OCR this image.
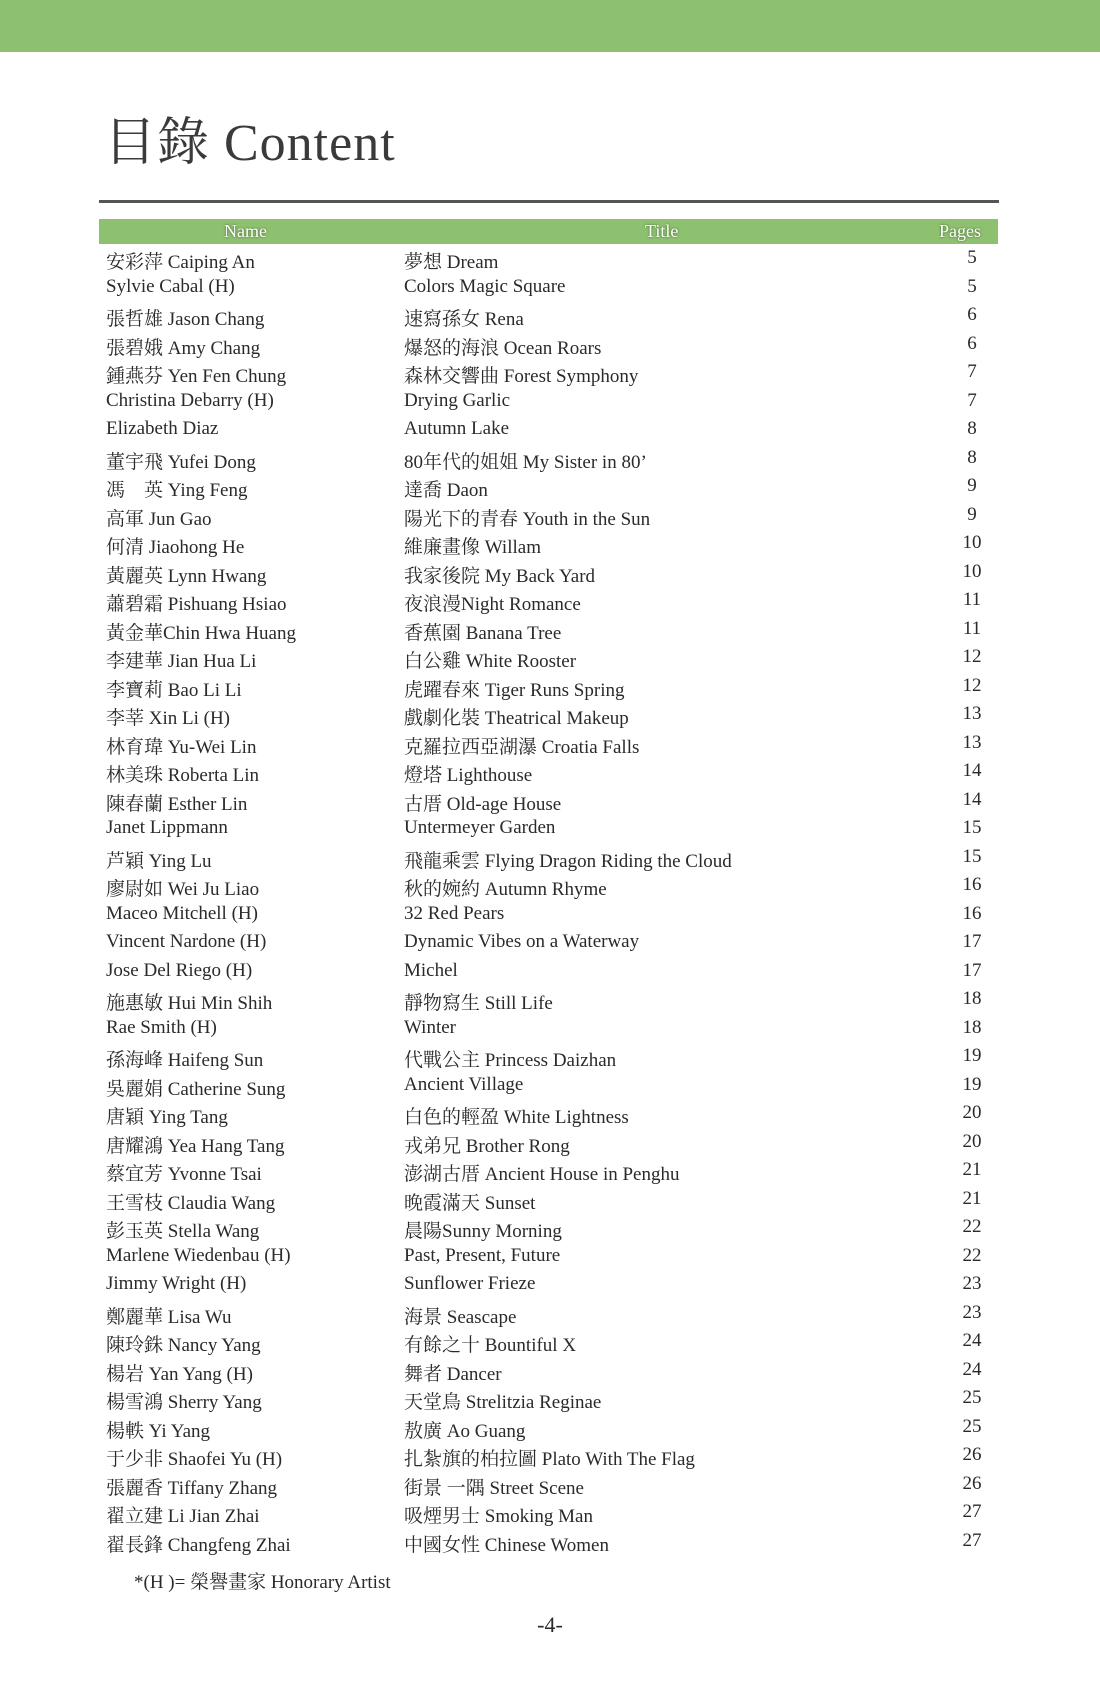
目錄 Content
Name	Title	Pages
安彩萍 Caiping An	夢想 Dream	5
Sylvie Cabal (H)	Colors Magic Square	5
張哲雄 Jason Chang	速寫孫女 Rena	6
張碧娥 Amy Chang	爆怒的海浪 Ocean Roars	6
鍾燕芬 Yen Fen Chung	森林交響曲 Forest Symphony	7
Christina Debarry (H)	Drying Garlic	7
Elizabeth Diaz	Autumn Lake	8
董宇飛 Yufei Dong	80年代的姐姐 My Sister in 80’	8
馮　英 Ying Feng	達喬 Daon	9
高軍 Jun Gao	陽光下的青春 Youth in the Sun	9
何清 Jiaohong He	維廉畫像 Willam	10
黃麗英 Lynn Hwang	我家後院 My Back Yard	10
蕭碧霜 Pishuang Hsiao	夜浪漫Night Romance	11
黃金華Chin Hwa Huang	香蕉園 Banana Tree	11
李建華 Jian Hua Li	白公雞 White Rooster	12
李寶莉 Bao Li Li	虎躍春來 Tiger Runs Spring	12
李莘 Xin Li (H)	戲劇化裝 Theatrical Makeup	13
林育瑋 Yu-Wei Lin	克羅拉西亞湖瀑 Croatia Falls	13
林美珠 Roberta Lin	燈塔 Lighthouse	14
陳春蘭 Esther Lin	古厝 Old-age House	14
Janet Lippmann	Untermeyer Garden	15
芦穎 Ying Lu	飛龍乘雲 Flying Dragon Riding the Cloud	15
廖尉如 Wei Ju Liao	秋的婉約 Autumn Rhyme	16
Maceo Mitchell (H)	32 Red Pears	16
Vincent Nardone (H)	Dynamic Vibes on a Waterway	17
Jose Del Riego (H)	Michel	17
施惠敏 Hui Min Shih	靜物寫生 Still Life	18
Rae Smith (H)	Winter	18
孫海峰 Haifeng Sun	代戰公主 Princess Daizhan	19
吳麗娟 Catherine Sung	Ancient Village	19
唐穎 Ying Tang	白色的輕盈 White Lightness	20
唐耀鴻 Yea Hang Tang	戎弟兄 Brother Rong	20
蔡宜芳 Yvonne Tsai	澎湖古厝 Ancient House in Penghu	21
王雪枝 Claudia Wang	晚霞滿天 Sunset	21
彭玉英 Stella Wang	晨陽Sunny Morning	22
Marlene Wiedenbau (H)	Past, Present, Future	22
Jimmy Wright (H)	Sunflower Frieze	23
鄭麗華 Lisa Wu	海景 Seascape	23
陳玲銖 Nancy Yang	有餘之十 Bountiful X	24
楊岩 Yan Yang (H)	舞者 Dancer	24
楊雪鴻 Sherry Yang	天堂鳥 Strelitzia Reginae	25
楊軼 Yi Yang	敖廣 Ao Guang	25
于少非 Shaofei Yu (H)	扎紮旗的柏拉圖 Plato With The Flag	26
張麗香 Tiffany Zhang	街景 一隅 Street Scene	26
翟立建 Li Jian Zhai	吸煙男士 Smoking Man	27
翟長鋒 Changfeng Zhai	中國女性 Chinese Women	27
*(H )= 榮譽畫家 Honorary Artist
-4-
